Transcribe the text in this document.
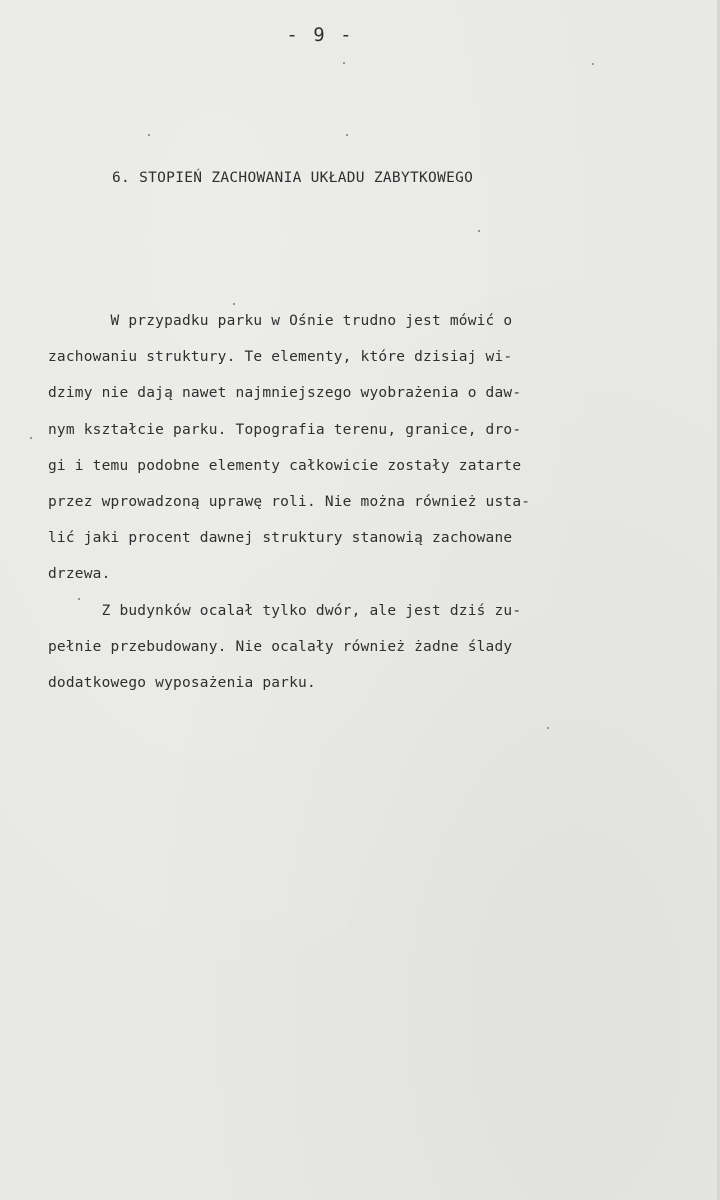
- 9 -
6. STOPIEŃ ZACHOWANIA UKŁADU ZABYTKOWEGO
W przypadku parku w Ośnie trudno jest mówić o
zachowaniu struktury. Te elementy, które dzisiaj wi-
dzimy nie dają nawet najmniejszego wyobrażenia o daw-
nym kształcie parku. Topografia terenu, granice, dro-
gi i temu podobne elementy całkowicie zostały zatarte
przez wprowadzoną uprawę roli. Nie można również usta-
lić jaki procent dawnej struktury stanowią zachowane
drzewa.
Z budynków ocalał tylko dwór, ale jest dziś zu-
pełnie przebudowany. Nie ocalały również żadne ślady
dodatkowego wyposażenia parku.
